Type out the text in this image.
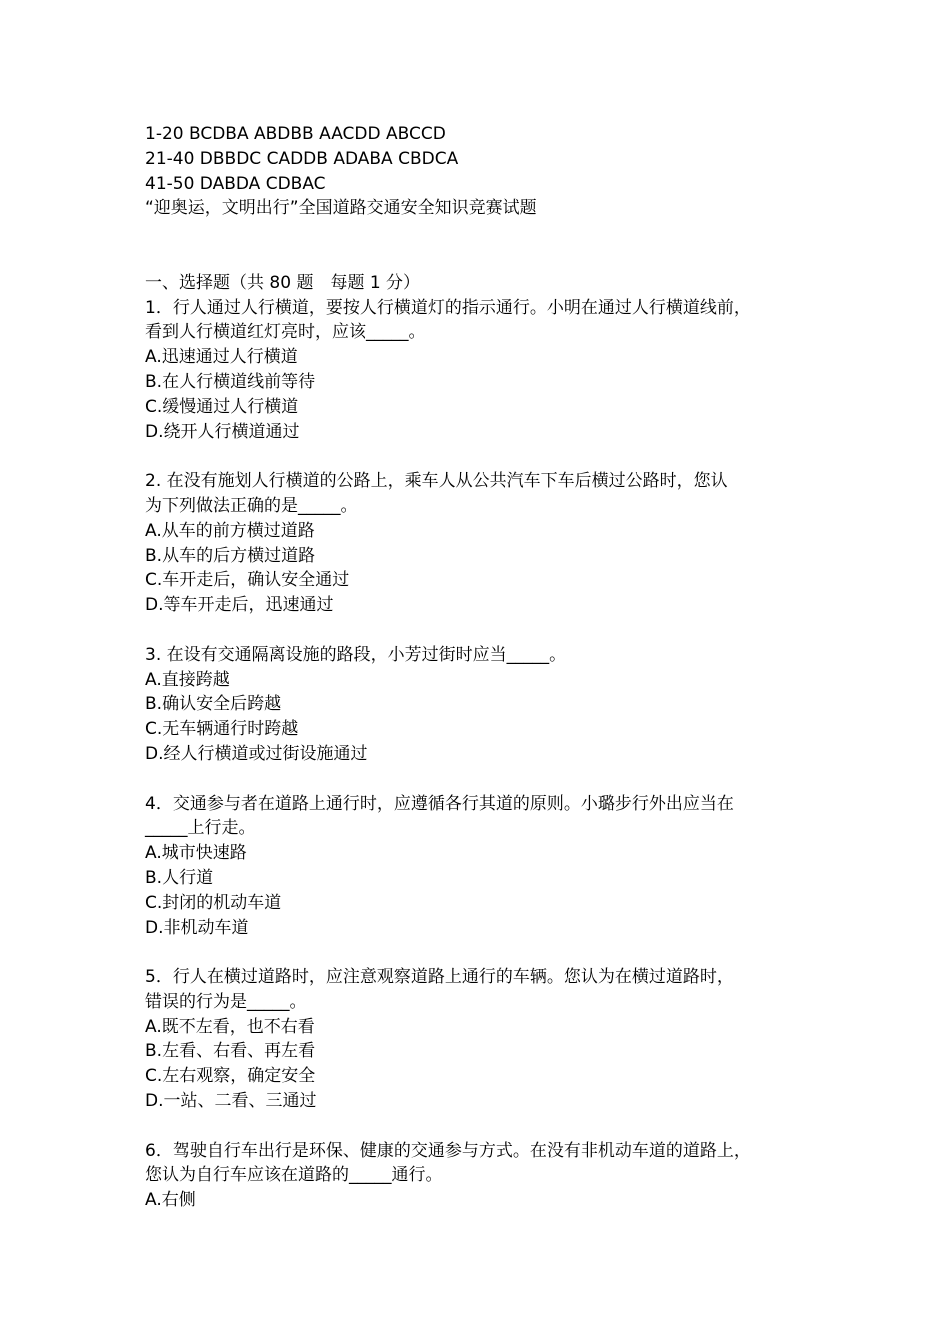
1-20 BCDBA ABDBB AACDD ABCCD

21-40 DBBDC CADDB ADABA CBDCA

41-50 DABDA CDBAC

“迎奥运，文明出行”全国道路交通安全知识竞赛试题

一、选择题（共 80 题　每题 1 分）

1．行人通过人行横道，要按人行横道灯的指示通行。小明在通过人行横道线前，

看到人行横道红灯亮时，应该_____。

A.迅速通过人行横道

B.在人行横道线前等待

C.缓慢通过人行横道

D.绕开人行横道通过

2. 在没有施划人行横道的公路上，乘车人从公共汽车下车后横过公路时，您认

为下列做法正确的是_____。

A.从车的前方横过道路

B.从车的后方横过道路

C.车开走后，确认安全通过

D.等车开走后，迅速通过

3. 在设有交通隔离设施的路段，小芳过街时应当_____。

A.直接跨越

B.确认安全后跨越

C.无车辆通行时跨越

D.经人行横道或过街设施通过

4．交通参与者在道路上通行时，应遵循各行其道的原则。小璐步行外出应当在

_____上行走。

A.城市快速路

B.人行道

C.封闭的机动车道

D.非机动车道

5．行人在横过道路时，应注意观察道路上通行的车辆。您认为在横过道路时，

错误的行为是_____。

A.既不左看，也不右看

B.左看、右看、再左看

C.左右观察，确定安全

D.一站、二看、三通过

6．驾驶自行车出行是环保、健康的交通参与方式。在没有非机动车道的道路上，

您认为自行车应该在道路的_____通行。

A.右侧
